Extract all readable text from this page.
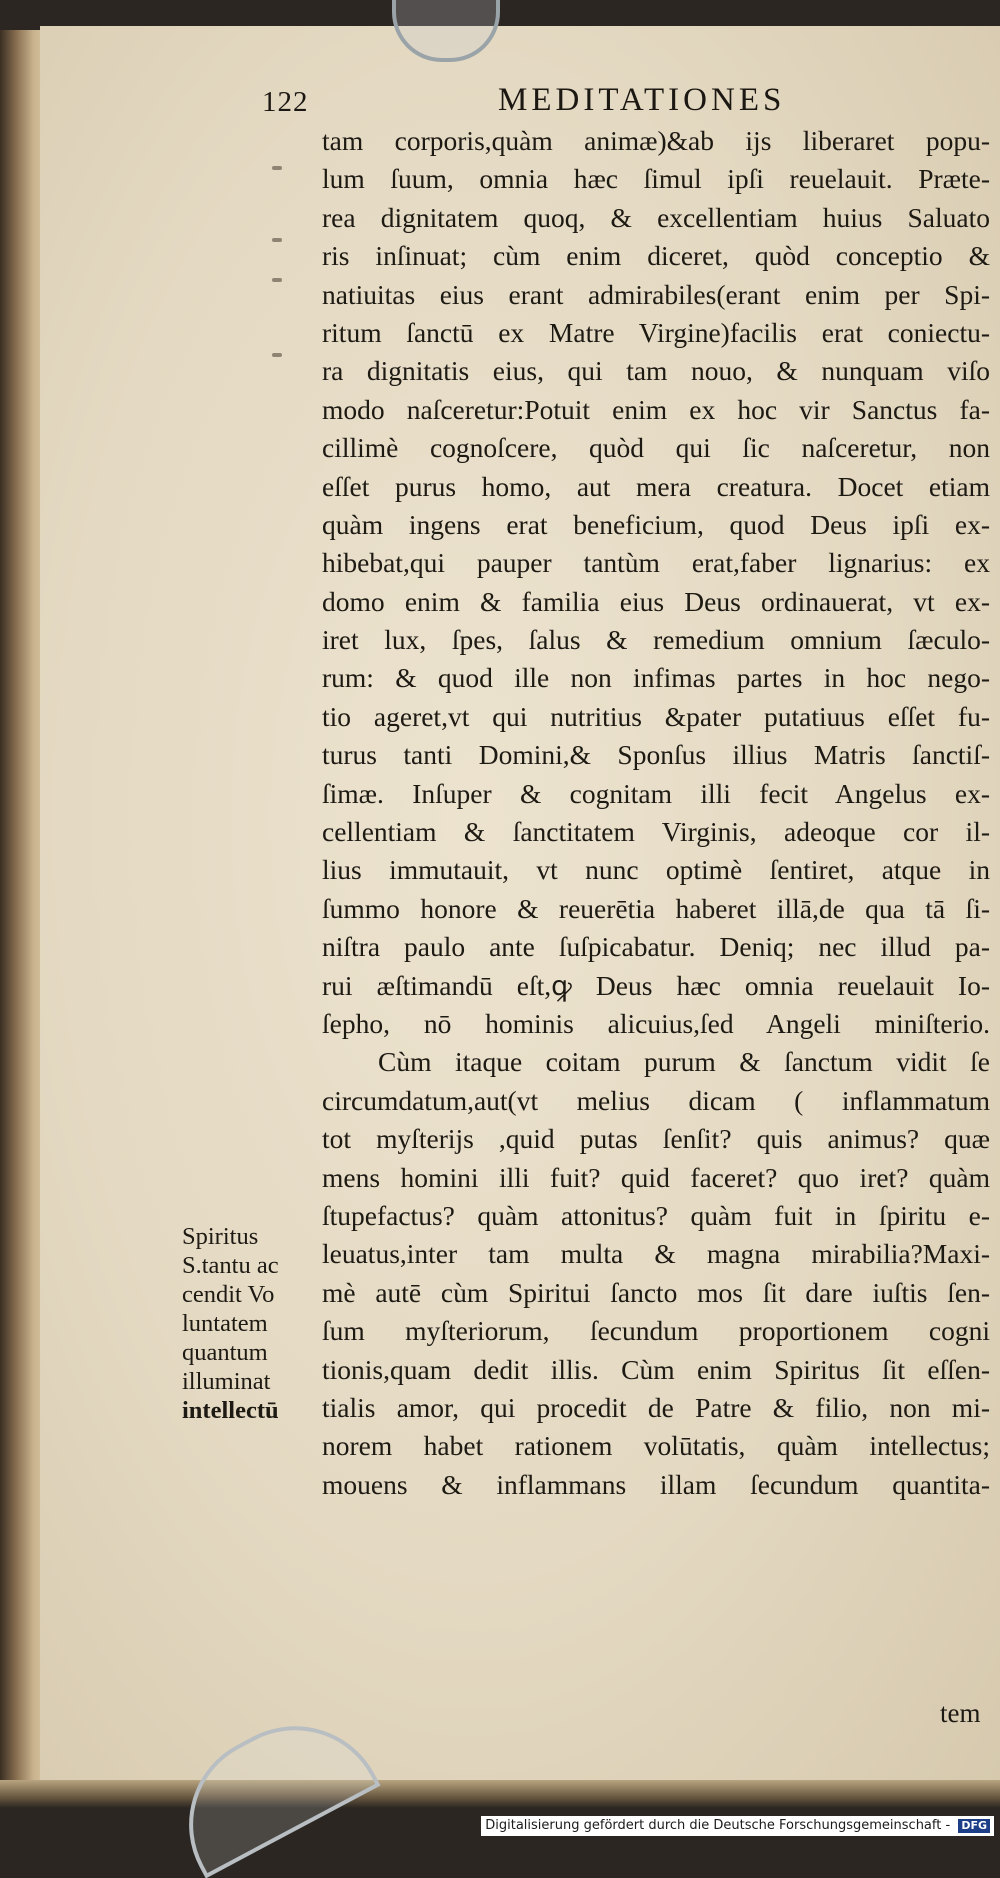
122	MEDITATIONES
tam corporis,quàm animæ)&ab ijs liberaret popu-
lum ſuum, omnia hæc ſimul ipſi reuelauit. Præte-
rea dignitatem quoq, & excellentiam huius Saluato
ris inſinuat; cùm enim diceret, quòd conceptio &
natiuitas eius erant admirabiles(erant enim per Spi-
ritum ſanctū ex Matre Virgine)facilis erat coniectu-
ra dignitatis eius, qui tam nouo, & nunquam viſo
modo naſceretur:Potuit enim ex hoc vir Sanctus fa-
cillimè cognoſcere, quòd qui ſic naſceretur, non
eſſet purus homo, aut mera creatura. Docet etiam
quàm ingens erat beneficium, quod Deus ipſi ex-
hibebat,qui pauper tantùm erat,faber lignarius: ex
domo enim & familia eius Deus ordinauerat, vt ex-
iret lux, ſpes, ſalus & remedium omnium ſæculo-
rum: & quod ille non infimas partes in hoc nego-
tio ageret,vt qui nutritius &pater putatiuus eſſet fu-
turus tanti Domini,& Sponſus illius Matris ſanctiſ-
ſimæ. Inſuper & cognitam illi fecit Angelus ex-
cellentiam & ſanctitatem Virginis, adeoque cor il-
lius immutauit, vt nunc optimè ſentiret, atque in
ſummo honore & reuerētia haberet illā,de qua tā ſi-
niſtra paulo ante ſuſpicabatur. Deniq; nec illud pa-
rui æſtimandū eſt,ꝙ Deus hæc omnia reuelauit Io-
ſepho, nō hominis alicuius,ſed Angeli miniſterio.
Cùm itaque coitam purum & ſanctum vidit ſe
circumdatum,aut(vt melius dicam ( inflammatum
tot myſterijs ,quid putas ſenſit? quis animus? quæ
mens homini illi fuit? quid faceret? quo iret? quàm
ſtupefactus? quàm attonitus? quàm fuit in ſpiritu e-
leuatus,inter tam multa & magna mirabilia?Maxi-
mè autē cùm Spiritui ſancto mos ſit dare iuſtis ſen-
ſum myſteriorum, ſecundum proportionem cogni
tionis,quam dedit illis. Cùm enim Spiritus ſit eſſen-
tialis amor, qui procedit de Patre & filio, non mi-
norem habet rationem volūtatis, quàm intellectus;
mouens & inflammans illam ſecundum quantita-
tem
Spiritus
S.tantu ac
cendit Vo
luntatem
quantum
illuminat
intellectū
Digitalisierung gefördert durch die Deutsche Forschungsgemeinschaft - DFG
